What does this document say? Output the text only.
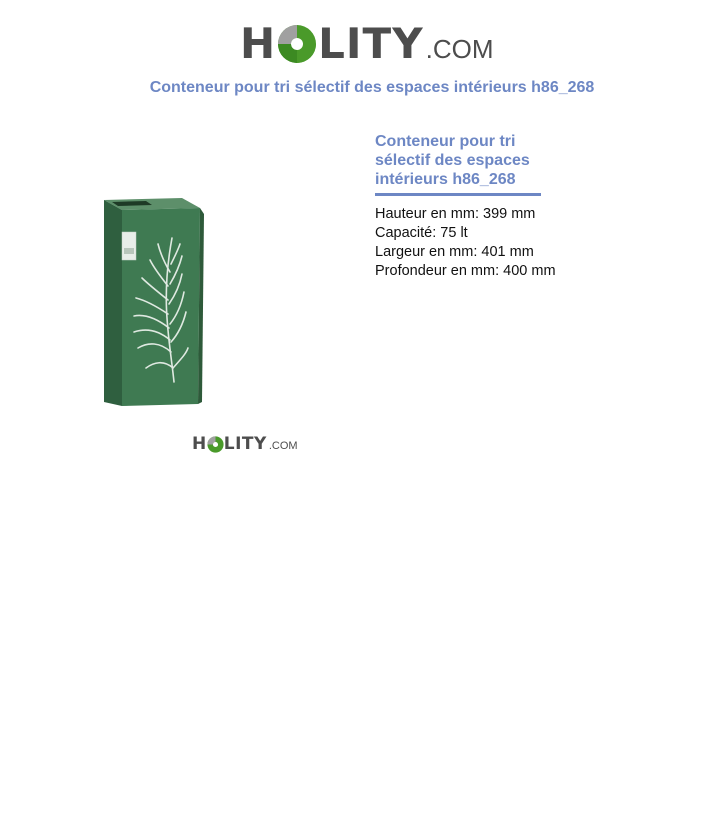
H LITY .COM
Conteneur pour tri sélectif des espaces intérieurs h86_268
H LITY .COM
Conteneur pour tri sélectif des espaces intérieurs h86_268
Hauteur en mm: 399 mm
Capacité: 75 lt
Largeur en mm: 401 mm
Profondeur en mm: 400 mm
